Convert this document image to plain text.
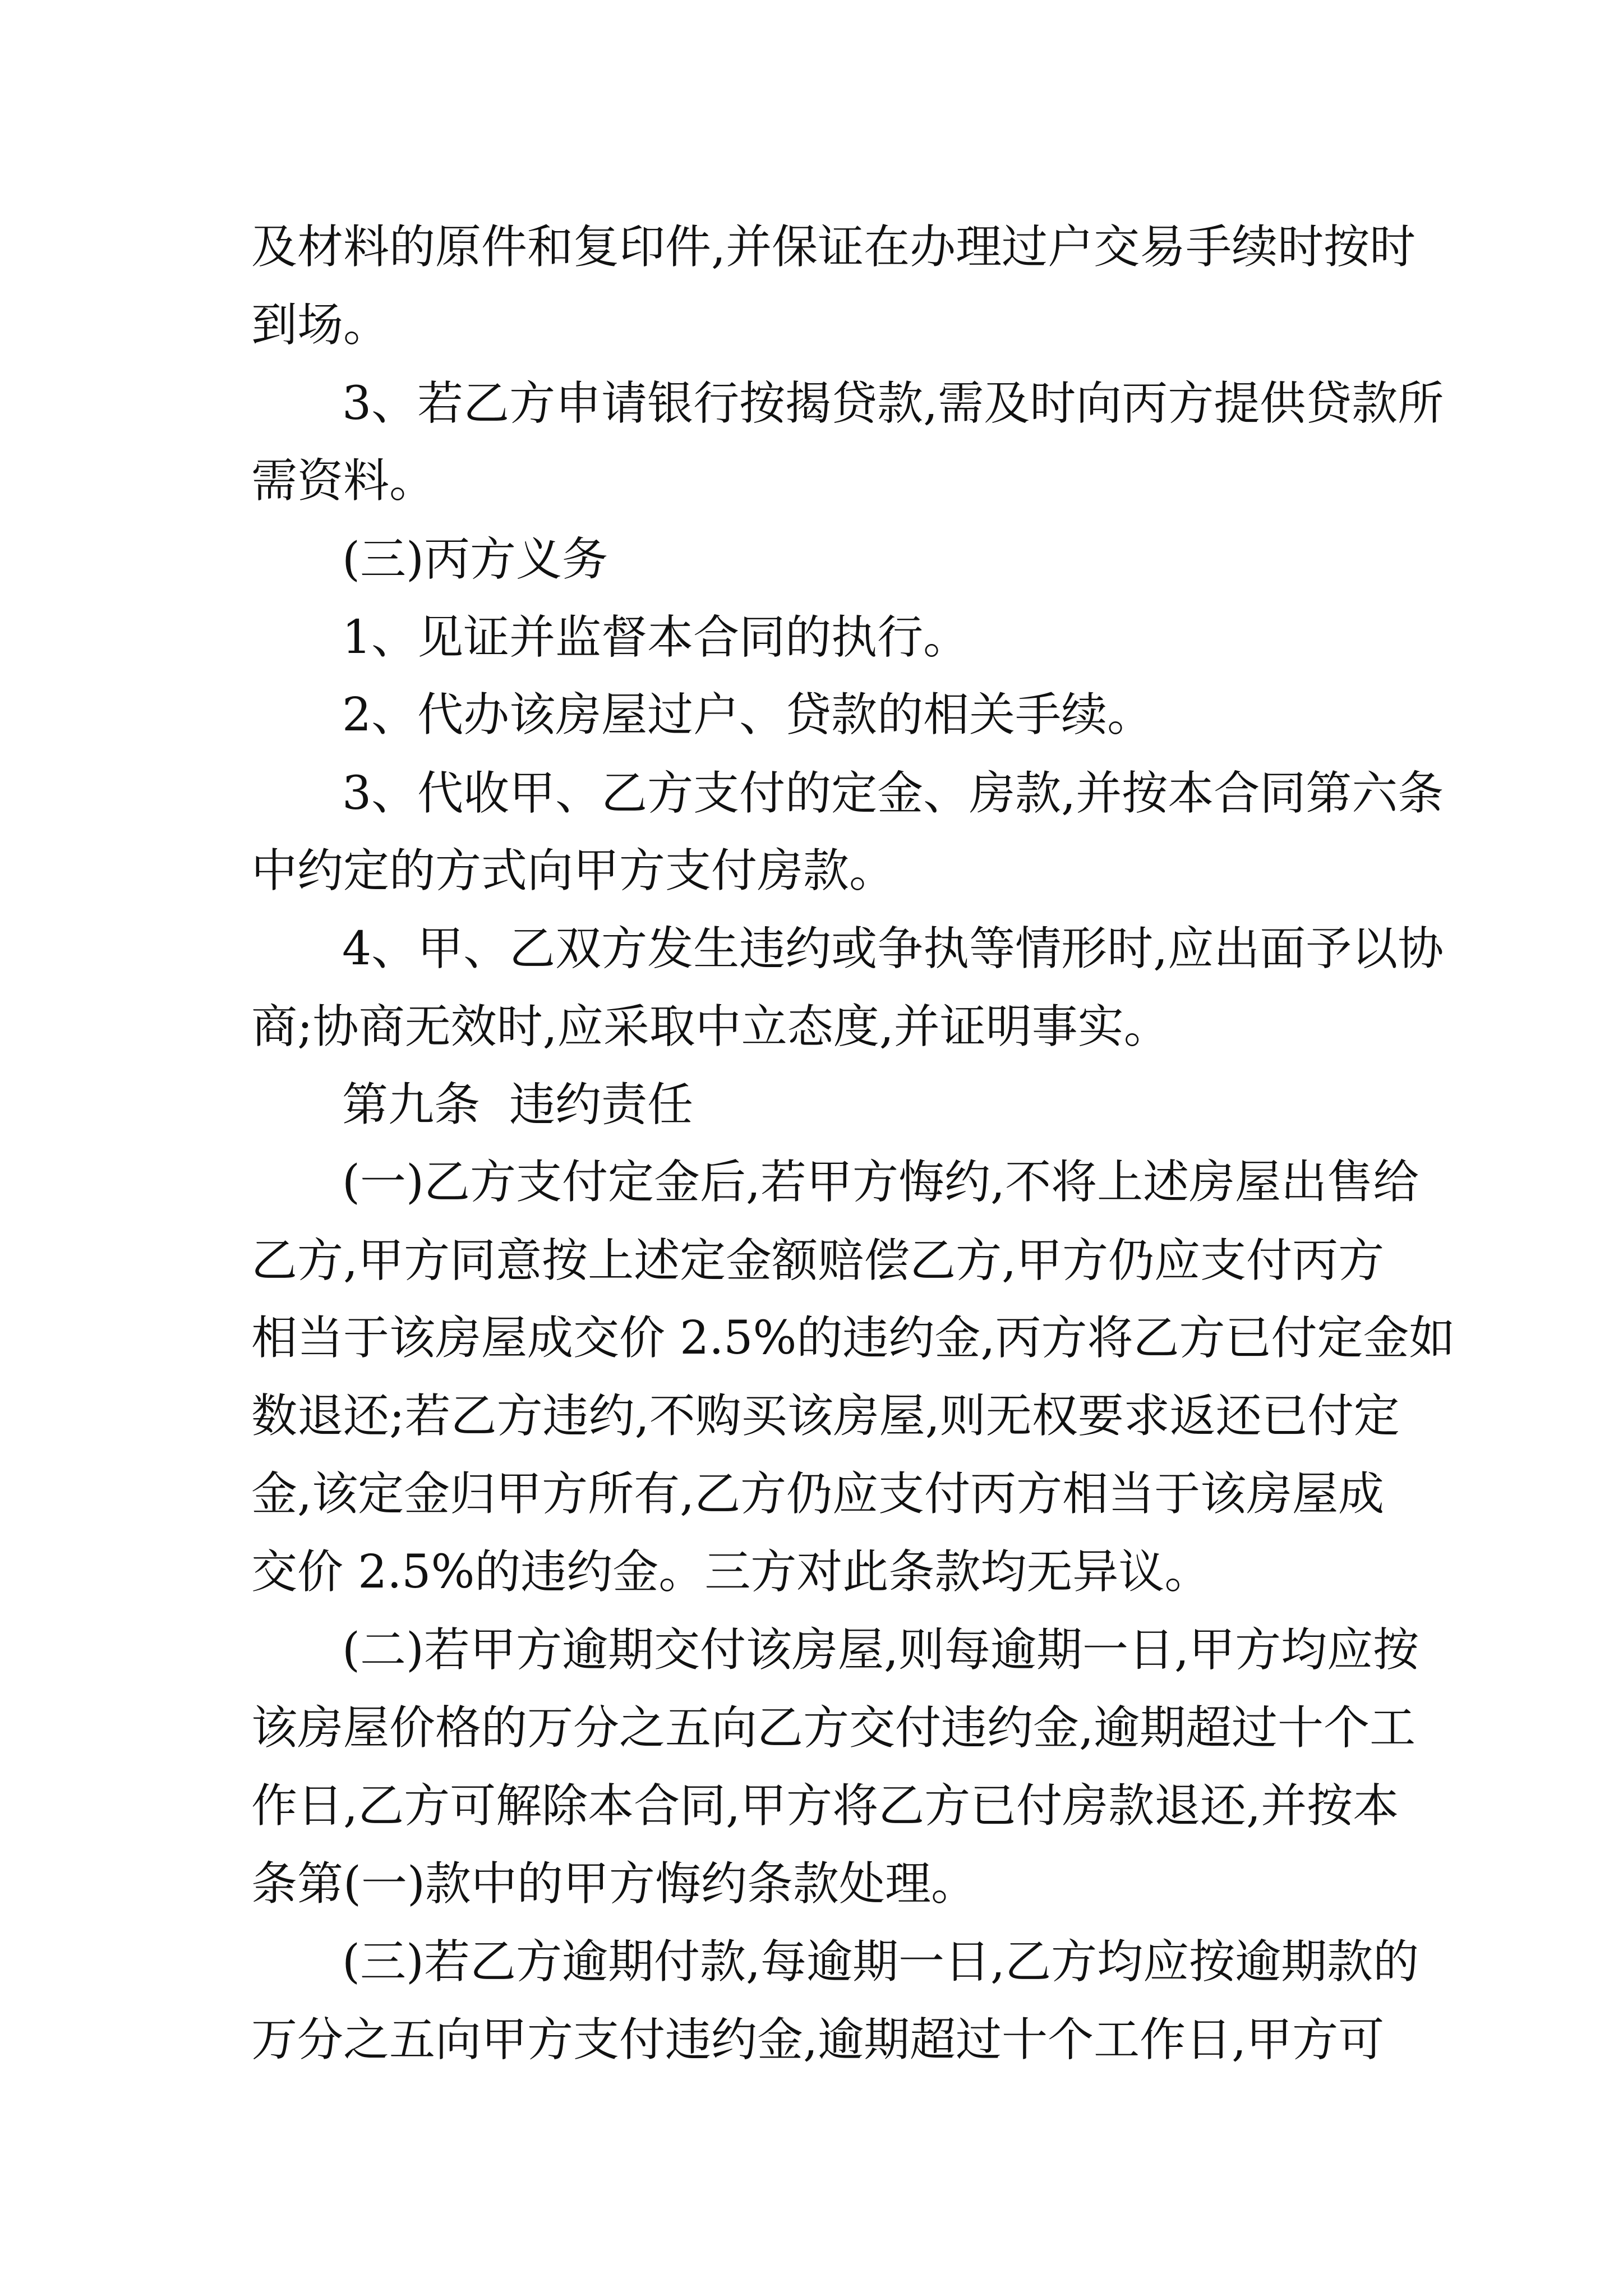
及材料的原件和复印件,并保证在办理过户交易手续时按时
到场。
3、若乙方申请银行按揭贷款,需及时向丙方提供贷款所
需资料。
(三)丙方义务
1、见证并监督本合同的执行。
2、代办该房屋过户、贷款的相关手续。
3、代收甲、乙方支付的定金、房款,并按本合同第六条
中约定的方式向甲方支付房款。
4、甲、乙双方发生违约或争执等情形时,应出面予以协
商;协商无效时,应采取中立态度,并证明事实。
第九条  违约责任
(一)乙方支付定金后,若甲方悔约,不将上述房屋出售给
乙方,甲方同意按上述定金额赔偿乙方,甲方仍应支付丙方
相当于该房屋成交价 2.5%的违约金,丙方将乙方已付定金如
数退还;若乙方违约,不购买该房屋,则无权要求返还已付定
金,该定金归甲方所有,乙方仍应支付丙方相当于该房屋成
交价 2.5%的违约金。三方对此条款均无异议。
(二)若甲方逾期交付该房屋,则每逾期一日,甲方均应按
该房屋价格的万分之五向乙方交付违约金,逾期超过十个工
作日,乙方可解除本合同,甲方将乙方已付房款退还,并按本
条第(一)款中的甲方悔约条款处理。
(三)若乙方逾期付款,每逾期一日,乙方均应按逾期款的
万分之五向甲方支付违约金,逾期超过十个工作日,甲方可
